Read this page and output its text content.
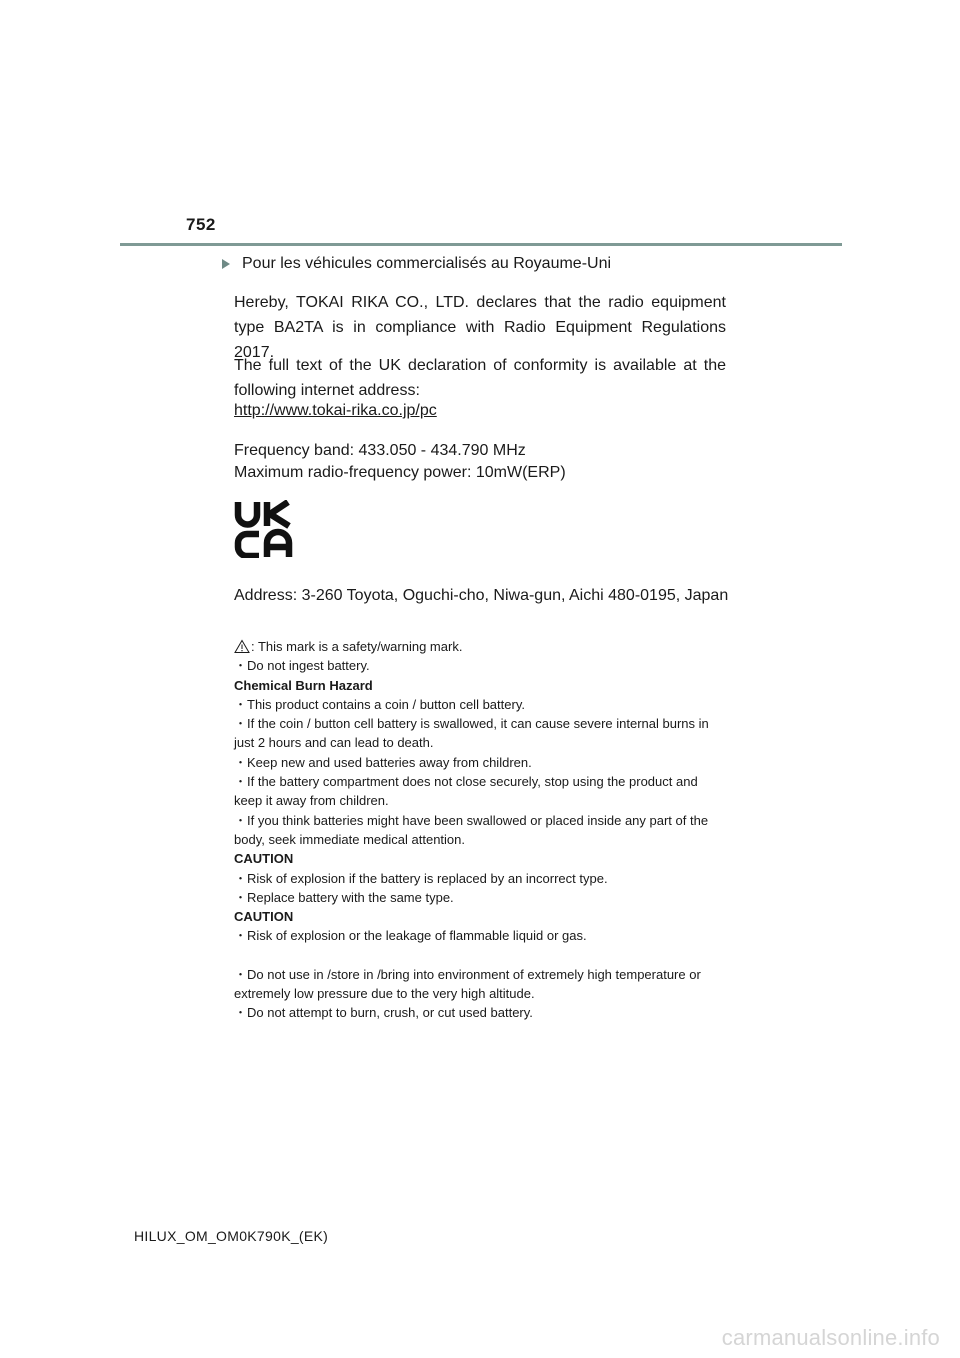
752
Pour les véhicules commercialisés au Royaume-Uni
Hereby, TOKAI RIKA CO., LTD. declares that the radio equipment type BA2TA is in compliance with Radio Equipment Regulations 2017.
The full text of the UK declaration of conformity is available at the following internet address:
http://www.tokai-rika.co.jp/pc
Frequency band: 433.050 - 434.790 MHz
Maximum radio-frequency power: 10mW(ERP)
Address: 3-260 Toyota, Oguchi-cho, Niwa-gun, Aichi 480-0195, Japan
: This mark is a safety/warning mark.
・Do not ingest battery.
Chemical Burn Hazard
・This product contains a coin / button cell battery.
・If the coin / button cell battery is swallowed, it can cause severe internal burns in just 2 hours and can lead to death.
・Keep new and used batteries away from children.
・If the battery compartment does not close securely, stop using the product and keep it away from children.
・If you think batteries might have been swallowed or placed inside any part of the body, seek immediate medical attention.
CAUTION
・Risk of explosion if the battery is replaced by an incorrect type.
・Replace battery with the same type.
CAUTION
・Risk of explosion or the leakage of flammable liquid or gas.
・Do not use in /store in /bring into environment of extremely high temperature or extremely low pressure due to the very high altitude.
・Do not attempt to burn, crush, or cut used battery.
HILUX_OM_OM0K790K_(EK)
carmanualsonline.info
